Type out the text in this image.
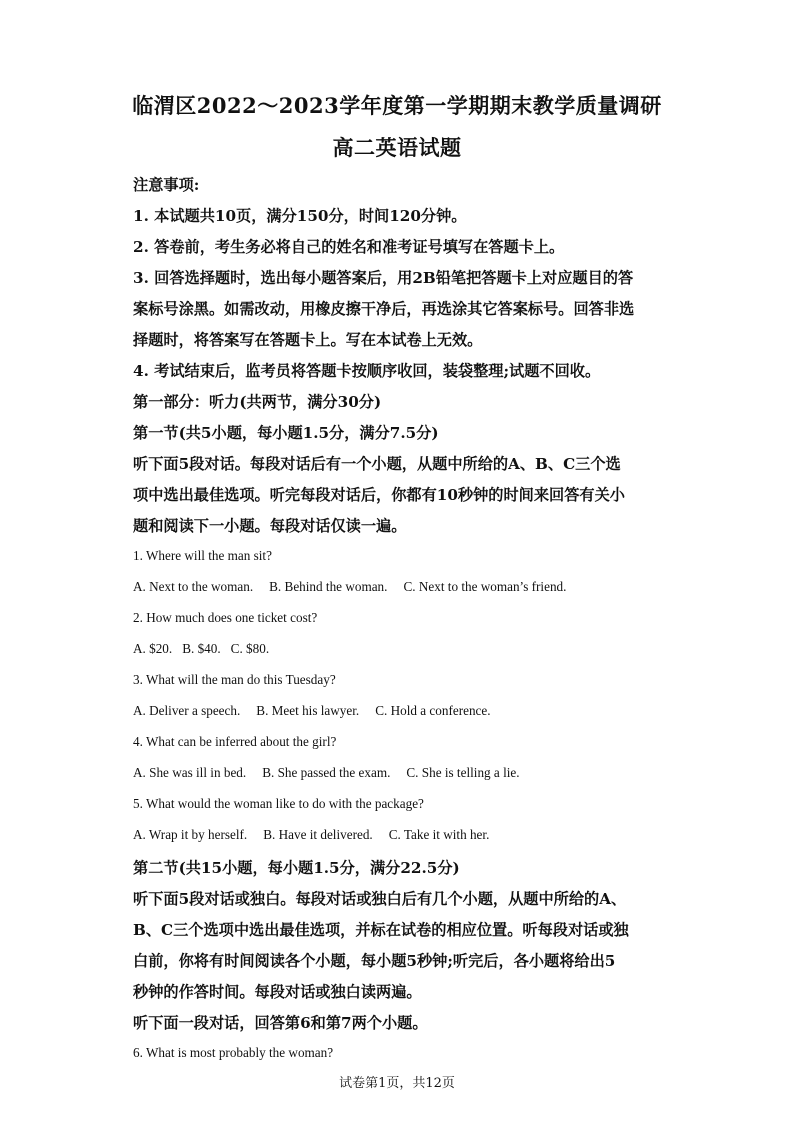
临渭区2022～2023学年度第一学期期末教学质量调研
高二英语试题
注意事项:
1. 本试题共10页，满分150分，时间120分钟。
2. 答卷前，考生务必将自己的姓名和准考证号填写在答题卡上。
3. 回答选择题时，选出每小题答案后，用2B铅笔把答题卡上对应题目的答
案标号涂黑。如需改动，用橡皮擦干净后，再选涂其它答案标号。回答非选
择题时，将答案写在答题卡上。写在本试卷上无效。
4. 考试结束后，监考员将答题卡按顺序收回，装袋整理;试题不回收。
第一部分：听力(共两节，满分30分)
第一节(共5小题，每小题1.5分，满分7.5分)
听下面5段对话。每段对话后有一个小题，从题中所给的A、B、C三个选
项中选出最佳选项。听完每段对话后，你都有10秒钟的时间来回答有关小
题和阅读下一小题。每段对话仅读一遍。
1. Where will the man sit?
A. Next to the woman. B. Behind the woman. C. Next to the woman’s friend.
2. How much does one ticket cost?
A. $20. B. $40. C. $80.
3. What will the man do this Tuesday?
A. Deliver a speech. B. Meet his lawyer. C. Hold a conference.
4. What can be inferred about the girl?
A. She was ill in bed. B. She passed the exam. C. She is telling a lie.
5. What would the woman like to do with the package?
A. Wrap it by herself. B. Have it delivered. C. Take it with her.
第二节(共15小题，每小题1.5分，满分22.5分)
听下面5段对话或独白。每段对话或独白后有几个小题，从题中所给的A、
B、C三个选项中选出最佳选项，并标在试卷的相应位置。听每段对话或独
白前，你将有时间阅读各个小题，每小题5秒钟;听完后，各小题将给出5
秒钟的作答时间。每段对话或独白读两遍。
听下面一段对话，回答第6和第7两个小题。
6. What is most probably the woman?
试卷第1页，共12页
